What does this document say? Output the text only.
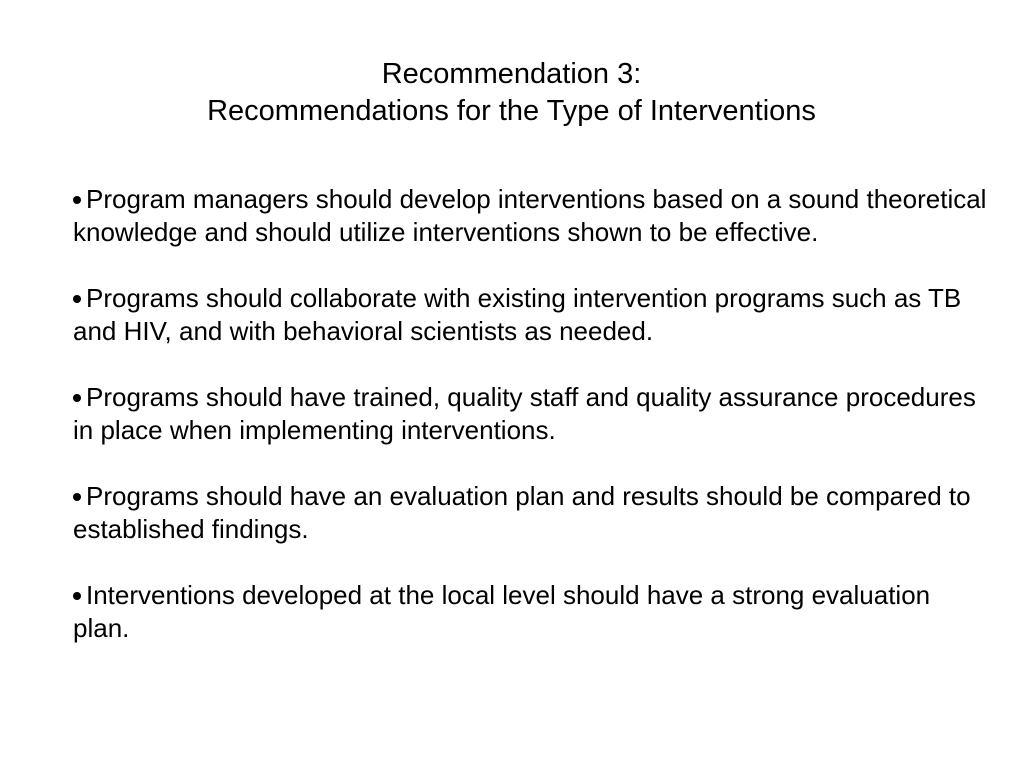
Recommendation 3:
Recommendations for the Type of Interventions
Program managers should develop interventions based on a sound theoretical knowledge and should utilize interventions shown to be effective.
Programs should collaborate with existing intervention programs such as TB and HIV, and with behavioral scientists as needed.
Programs should have trained, quality staff and quality assurance procedures in place when implementing interventions.
Programs should have an evaluation plan and results should be compared to established findings.
Interventions developed at the local level should have a strong evaluation plan.
